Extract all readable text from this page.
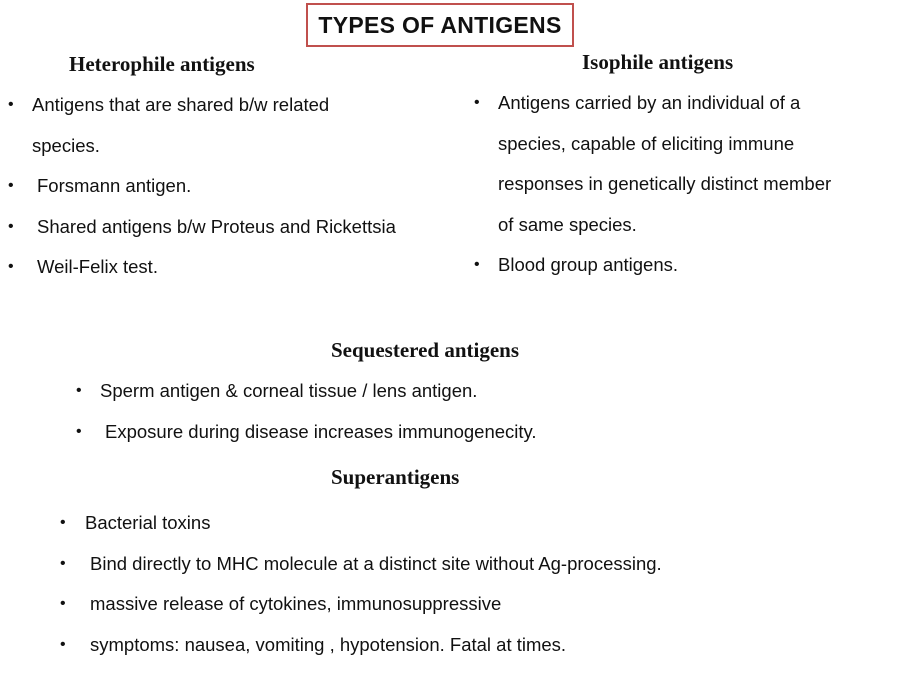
TYPES OF ANTIGENS
Heterophile antigens
• Antigens that are shared b/w related
species.
• Forsmann antigen.
• Shared antigens b/w Proteus and Rickettsia
• Weil-Felix test.
Isophile antigens
• Antigens carried by an individual of a
species, capable of eliciting immune
responses in genetically distinct member
of same species.
• Blood group antigens.
Sequestered antigens
• Sperm antigen & corneal tissue / lens antigen.
• Exposure during disease increases immunogenecity.
Superantigens
• Bacterial toxins
• Bind directly to MHC molecule at a distinct site without Ag-processing.
• massive release of cytokines, immunosuppressive
• symptoms: nausea, vomiting , hypotension. Fatal at times.
